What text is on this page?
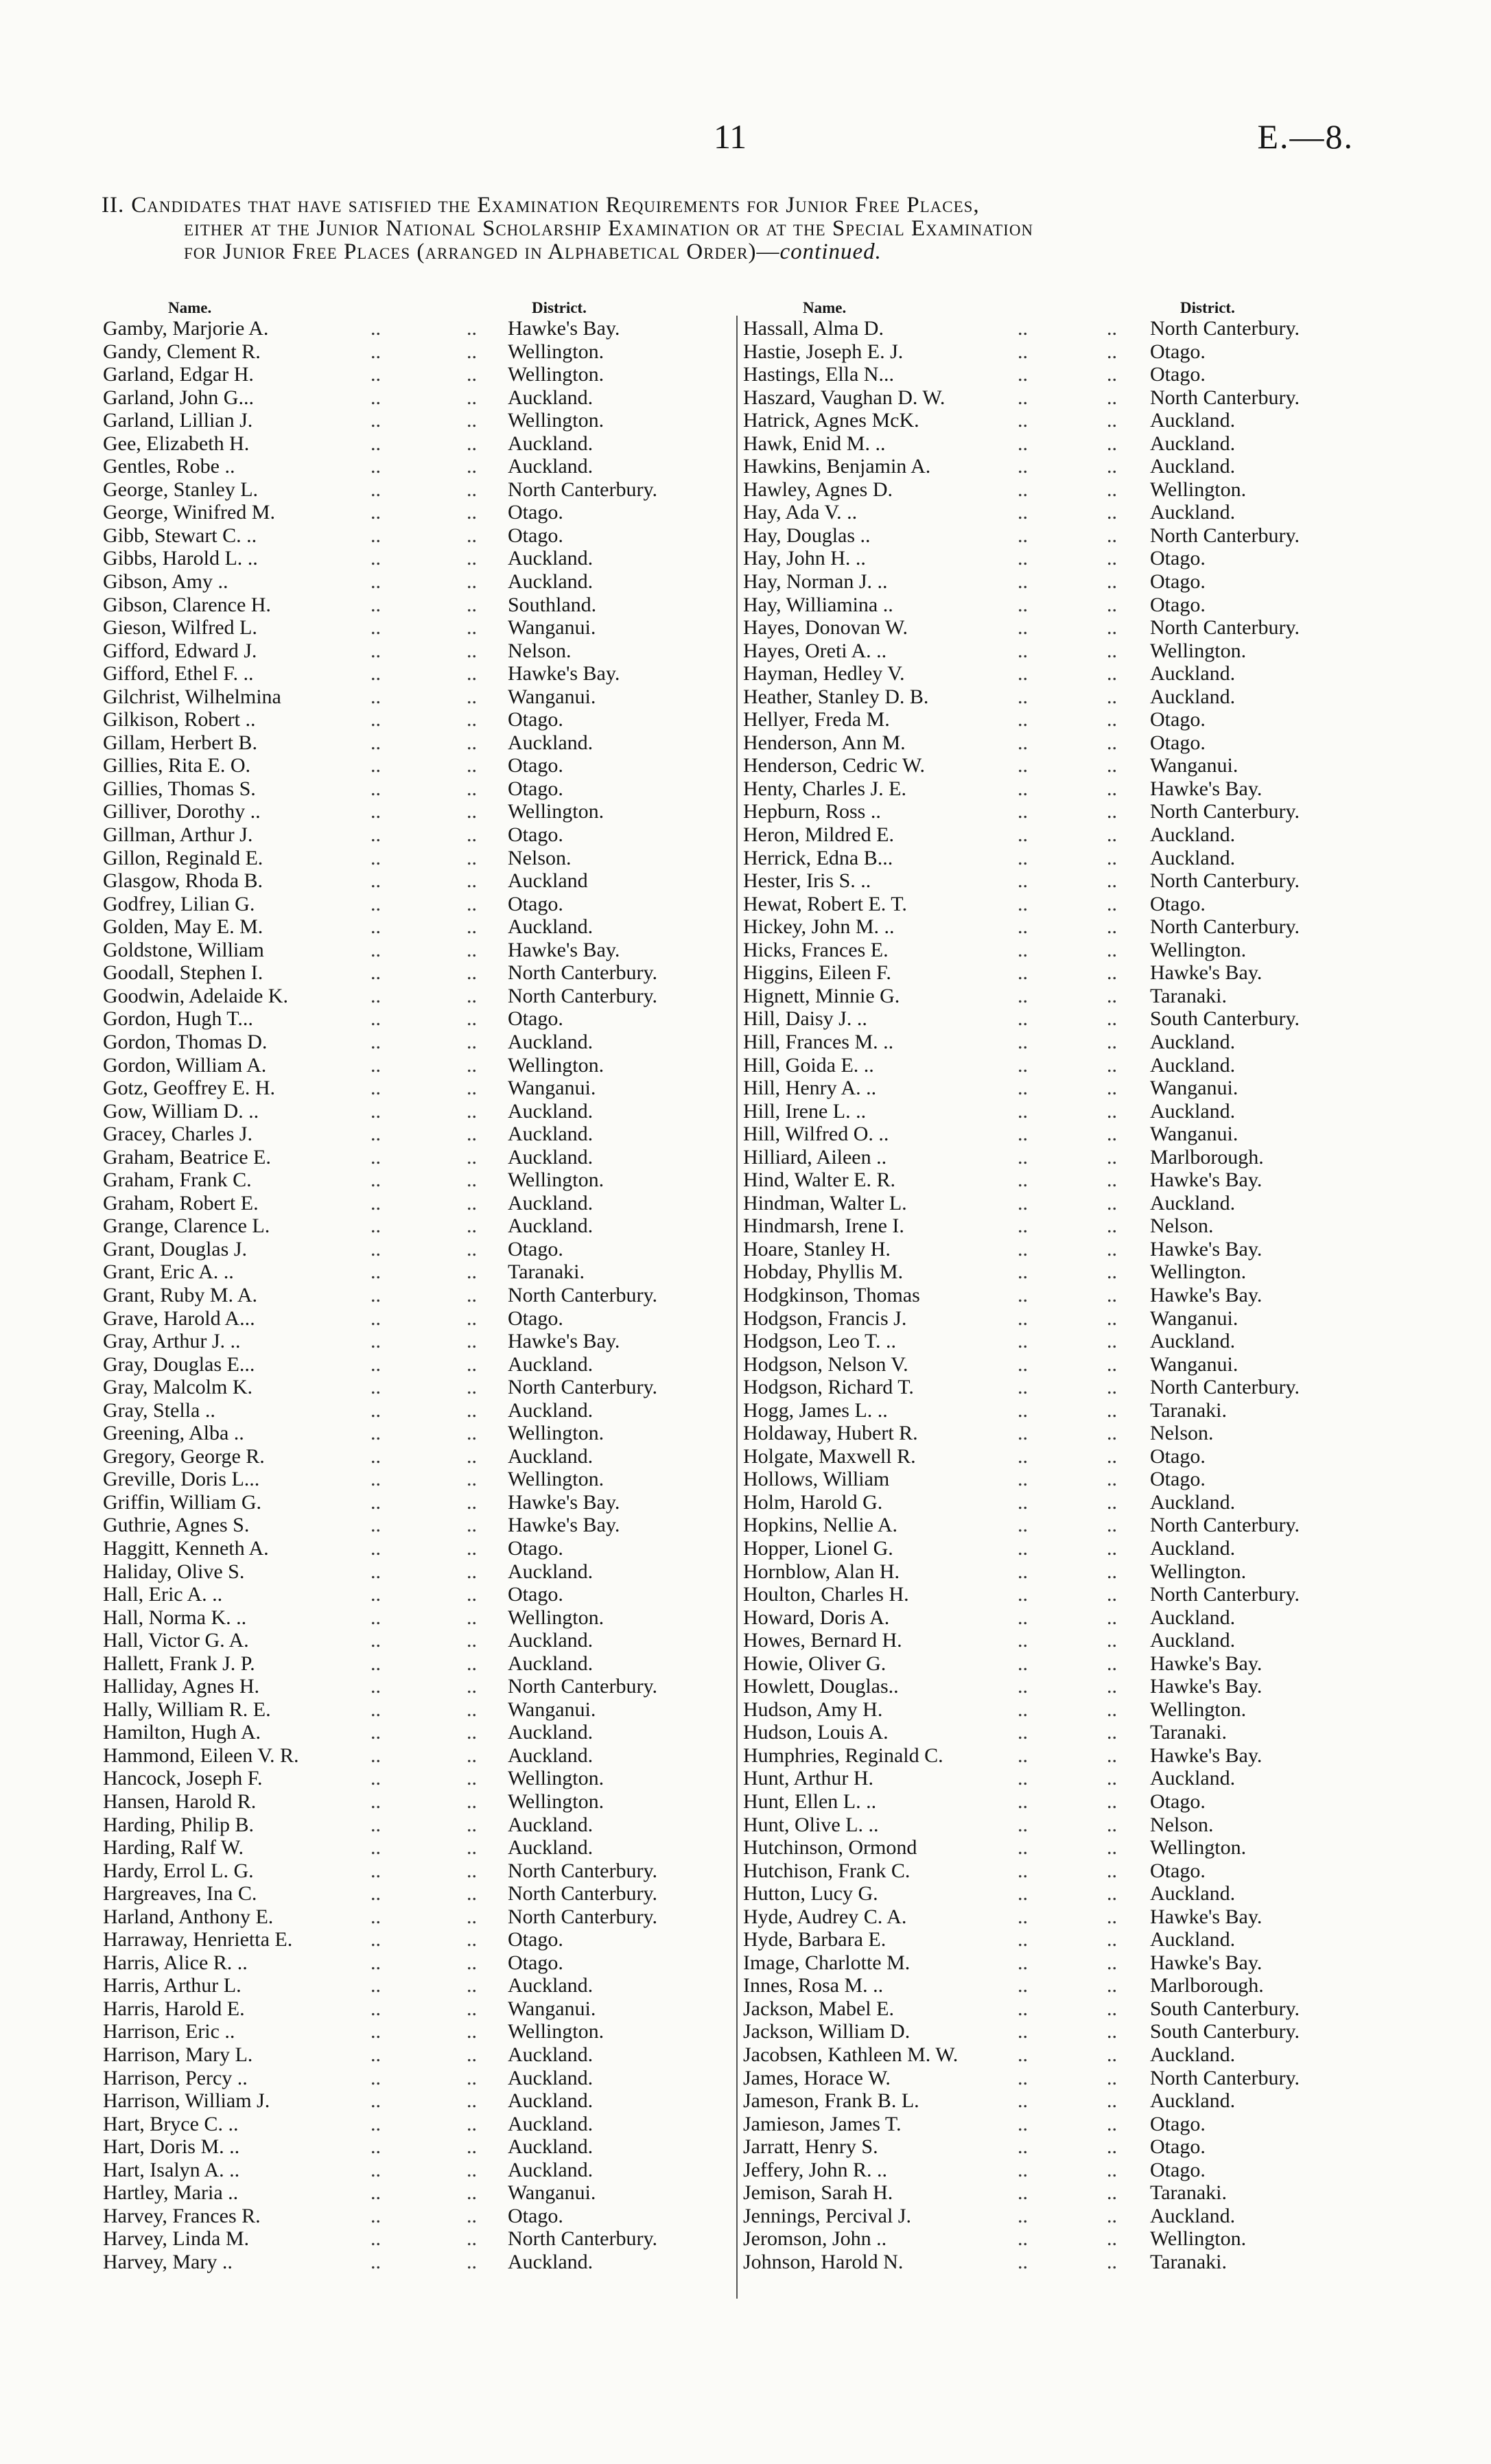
11	E.—8.
II. Candidates that have satisfied the Examination Requirements for Junior Free Places,
either at the Junior National Scholarship Examination or at the Special Examination
for Junior Free Places (arranged in Alphabetical Order)—continued.
Name.	District.	Name.	District.
Gamby, Marjorie A.	..	.. Hawke's Bay.
Gandy, Clement R.	..	.. Wellington.
Garland, Edgar H.	..	.. Wellington.
Garland, John G...	..	.. Auckland.
Garland, Lillian J.	..	.. Wellington.
Gee, Elizabeth H.	..	.. Auckland.
Gentles, Robe ..	..	.. Auckland.
George, Stanley L.	..	.. North Canterbury.
George, Winifred M.	..	.. Otago.
Gibb, Stewart C. ..	..	.. Otago.
Gibbs, Harold L. ..	..	.. Auckland.
Gibson, Amy ..	..	.. Auckland.
Gibson, Clarence H.	..	.. Southland.
Gieson, Wilfred L.	..	.. Wanganui.
Gifford, Edward J.	..	.. Nelson.
Gifford, Ethel F. ..	..	.. Hawke's Bay.
Gilchrist, Wilhelmina	..	.. Wanganui.
Gilkison, Robert ..	..	.. Otago.
Gillam, Herbert B.	..	.. Auckland.
Gillies, Rita E. O.	..	.. Otago.
Gillies, Thomas S.	..	.. Otago.
Gilliver, Dorothy ..	..	.. Wellington.
Gillman, Arthur J.	..	.. Otago.
Gillon, Reginald E.	..	.. Nelson.
Glasgow, Rhoda B.	..	.. Auckland
Godfrey, Lilian G.	..	.. Otago.
Golden, May E. M.	..	.. Auckland.
Goldstone, William	..	.. Hawke's Bay.
Goodall, Stephen I.	..	.. North Canterbury.
Goodwin, Adelaide K.	..	.. North Canterbury.
Gordon, Hugh T...	..	.. Otago.
Gordon, Thomas D.	..	.. Auckland.
Gordon, William A.	..	.. Wellington.
Gotz, Geoffrey E. H.	..	.. Wanganui.
Gow, William D. ..	..	.. Auckland.
Gracey, Charles J.	..	.. Auckland.
Graham, Beatrice E.	..	.. Auckland.
Graham, Frank C.	..	.. Wellington.
Graham, Robert E.	..	.. Auckland.
Grange, Clarence L.	..	.. Auckland.
Grant, Douglas J.	..	.. Otago.
Grant, Eric A. ..	..	.. Taranaki.
Grant, Ruby M. A.	..	.. North Canterbury.
Grave, Harold A...	..	.. Otago.
Gray, Arthur J. ..	..	.. Hawke's Bay.
Gray, Douglas E...	..	.. Auckland.
Gray, Malcolm K.	..	.. North Canterbury.
Gray, Stella ..	..	.. Auckland.
Greening, Alba ..	..	.. Wellington.
Gregory, George R.	..	.. Auckland.
Greville, Doris L...	..	.. Wellington.
Griffin, William G.	..	.. Hawke's Bay.
Guthrie, Agnes S.	..	.. Hawke's Bay.
Haggitt, Kenneth A.	..	.. Otago.
Haliday, Olive S.	..	.. Auckland.
Hall, Eric A. ..	..	.. Otago.
Hall, Norma K. ..	..	.. Wellington.
Hall, Victor G. A.	..	.. Auckland.
Hallett, Frank J. P.	..	.. Auckland.
Halliday, Agnes H.	..	.. North Canterbury.
Hally, William R. E.	..	.. Wanganui.
Hamilton, Hugh A.	..	.. Auckland.
Hammond, Eileen V. R.	..	.. Auckland.
Hancock, Joseph F.	..	.. Wellington.
Hansen, Harold R.	..	.. Wellington.
Harding, Philip B.	..	.. Auckland.
Harding, Ralf W.	..	.. Auckland.
Hardy, Errol L. G.	..	.. North Canterbury.
Hargreaves, Ina C.	..	.. North Canterbury.
Harland, Anthony E.	..	.. North Canterbury.
Harraway, Henrietta E.	..	.. Otago.
Harris, Alice R. ..	..	.. Otago.
Harris, Arthur L.	..	.. Auckland.
Harris, Harold E.	..	.. Wanganui.
Harrison, Eric ..	..	.. Wellington.
Harrison, Mary L.	..	.. Auckland.
Harrison, Percy ..	..	.. Auckland.
Harrison, William J.	..	.. Auckland.
Hart, Bryce C. ..	..	.. Auckland.
Hart, Doris M. ..	..	.. Auckland.
Hart, Isalyn A. ..	..	.. Auckland.
Hartley, Maria ..	..	.. Wanganui.
Harvey, Frances R.	..	.. Otago.
Harvey, Linda M.	..	.. North Canterbury.
Harvey, Mary ..	..	.. Auckland.
Hassall, Alma D.	..	.. North Canterbury.
Hastie, Joseph E. J.	..	.. Otago.
Hastings, Ella N...	..	.. Otago.
Haszard, Vaughan D. W.	..	.. North Canterbury.
Hatrick, Agnes McK.	..	.. Auckland.
Hawk, Enid M. ..	..	.. Auckland.
Hawkins, Benjamin A.	..	.. Auckland.
Hawley, Agnes D.	..	.. Wellington.
Hay, Ada V. ..	..	.. Auckland.
Hay, Douglas ..	..	.. North Canterbury.
Hay, John H. ..	..	.. Otago.
Hay, Norman J. ..	..	.. Otago.
Hay, Williamina ..	..	.. Otago.
Hayes, Donovan W.	..	.. North Canterbury.
Hayes, Oreti A. ..	..	.. Wellington.
Hayman, Hedley V.	..	.. Auckland.
Heather, Stanley D. B.	..	.. Auckland.
Hellyer, Freda M.	..	.. Otago.
Henderson, Ann M.	..	.. Otago.
Henderson, Cedric W.	..	.. Wanganui.
Henty, Charles J. E.	..	.. Hawke's Bay.
Hepburn, Ross ..	..	.. North Canterbury.
Heron, Mildred E.	..	.. Auckland.
Herrick, Edna B...	..	.. Auckland.
Hester, Iris S. ..	..	.. North Canterbury.
Hewat, Robert E. T.	..	.. Otago.
Hickey, John M. ..	..	.. North Canterbury.
Hicks, Frances E.	..	.. Wellington.
Higgins, Eileen F.	..	.. Hawke's Bay.
Hignett, Minnie G.	..	.. Taranaki.
Hill, Daisy J. ..	..	.. South Canterbury.
Hill, Frances M. ..	..	.. Auckland.
Hill, Goida E. ..	..	.. Auckland.
Hill, Henry A. ..	..	.. Wanganui.
Hill, Irene L. ..	..	.. Auckland.
Hill, Wilfred O. ..	..	.. Wanganui.
Hilliard, Aileen ..	..	.. Marlborough.
Hind, Walter E. R.	..	.. Hawke's Bay.
Hindman, Walter L.	..	.. Auckland.
Hindmarsh, Irene I.	..	.. Nelson.
Hoare, Stanley H.	..	.. Hawke's Bay.
Hobday, Phyllis M.	..	.. Wellington.
Hodgkinson, Thomas	..	.. Hawke's Bay.
Hodgson, Francis J.	..	.. Wanganui.
Hodgson, Leo T. ..	..	.. Auckland.
Hodgson, Nelson V.	..	.. Wanganui.
Hodgson, Richard T.	..	.. North Canterbury.
Hogg, James L. ..	..	.. Taranaki.
Holdaway, Hubert R.	..	.. Nelson.
Holgate, Maxwell R.	..	.. Otago.
Hollows, William	..	.. Otago.
Holm, Harold G.	..	.. Auckland.
Hopkins, Nellie A.	..	.. North Canterbury.
Hopper, Lionel G.	..	.. Auckland.
Hornblow, Alan H.	..	.. Wellington.
Houlton, Charles H.	..	.. North Canterbury.
Howard, Doris A.	..	.. Auckland.
Howes, Bernard H.	..	.. Auckland.
Howie, Oliver G.	..	.. Hawke's Bay.
Howlett, Douglas..	..	.. Hawke's Bay.
Hudson, Amy H.	..	.. Wellington.
Hudson, Louis A.	..	.. Taranaki.
Humphries, Reginald C.	..	.. Hawke's Bay.
Hunt, Arthur H.	..	.. Auckland.
Hunt, Ellen L. ..	..	.. Otago.
Hunt, Olive L. ..	..	.. Nelson.
Hutchinson, Ormond	..	.. Wellington.
Hutchison, Frank C.	..	.. Otago.
Hutton, Lucy G.	..	.. Auckland.
Hyde, Audrey C. A.	..	.. Hawke's Bay.
Hyde, Barbara E.	..	.. Auckland.
Image, Charlotte M.	..	.. Hawke's Bay.
Innes, Rosa M. ..	..	.. Marlborough.
Jackson, Mabel E.	..	.. South Canterbury.
Jackson, William D.	..	.. South Canterbury.
Jacobsen, Kathleen M. W.	..	.. Auckland.
James, Horace W.	..	.. North Canterbury.
Jameson, Frank B. L.	..	.. Auckland.
Jamieson, James T.	..	.. Otago.
Jarratt, Henry S.	..	.. Otago.
Jeffery, John R. ..	..	.. Otago.
Jemison, Sarah H.	..	.. Taranaki.
Jennings, Percival J.	..	.. Auckland.
Jeromson, John ..	..	.. Wellington.
Johnson, Harold N.	..	.. Taranaki.
